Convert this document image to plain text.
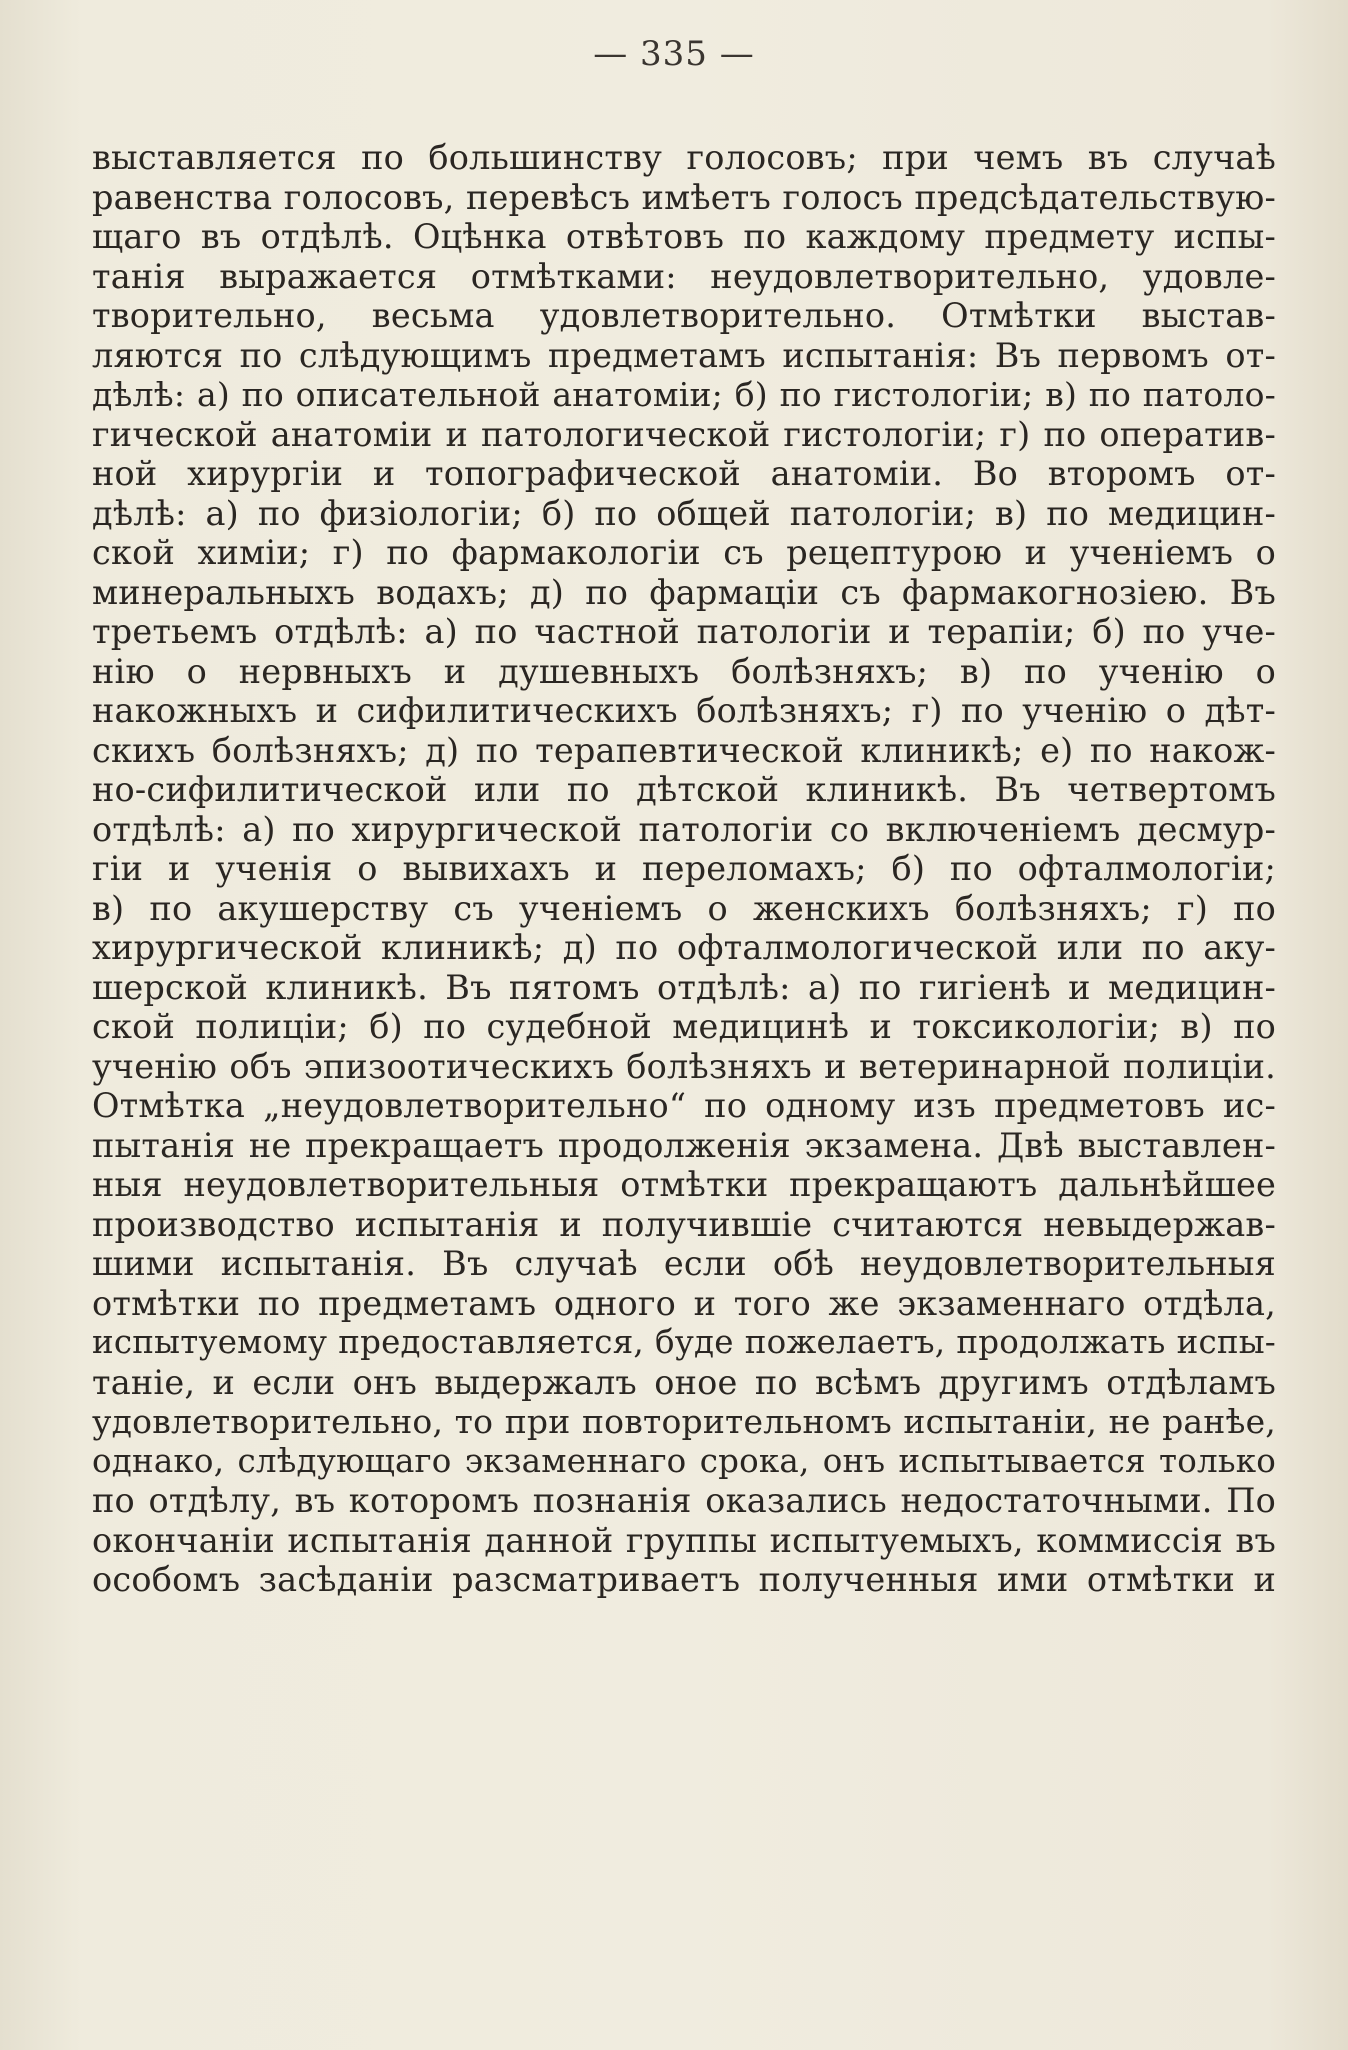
— 335 —
выставляется по большинству голосовъ; при чемъ въ случаѣ
равенства голосовъ, перевѣсъ имѣетъ голосъ предсѣдательствую-
щаго въ отдѣлѣ. Оцѣнка отвѣтовъ по каждому предмету испы-
танія выражается отмѣтками: неудовлетворительно, удовле-
творительно, весьма удовлетворительно. Отмѣтки выстав-
ляются по слѣдующимъ предметамъ испытанія: Въ первомъ от-
дѣлѣ: а) по описательной анатоміи; б) по гистологіи; в) по патоло-
гической анатоміи и патологической гистологіи; г) по оператив-
ной хирургіи и топографической анатоміи. Во второмъ от-
дѣлѣ: а) по физіологіи; б) по общей патологіи; в) по медицин-
ской химіи; г) по фармакологіи съ рецептурою и ученіемъ о
минеральныхъ водахъ; д) по фармаціи съ фармакогнозіею. Въ
третьемъ отдѣлѣ: а) по частной патологіи и терапіи; б) по уче-
нію о нервныхъ и душевныхъ болѣзняхъ; в) по ученію о
накожныхъ и сифилитическихъ болѣзняхъ; г) по ученію о дѣт-
скихъ болѣзняхъ; д) по терапевтической клиникѣ; е) по накож-
но-сифилитической или по дѣтской клиникѣ. Въ четвертомъ
отдѣлѣ: а) по хирургической патологіи со включеніемъ десмур-
гіи и ученія о вывихахъ и переломахъ; б) по офталмологіи;
в) по акушерству съ ученіемъ о женскихъ болѣзняхъ; г) по
хирургической клиникѣ; д) по офталмологической или по аку-
шерской клиникѣ. Въ пятомъ отдѣлѣ: а) по гигіенѣ и медицин-
ской полиціи; б) по судебной медицинѣ и токсикологіи; в) по
ученію объ эпизоотическихъ болѣзняхъ и ветеринарной полиціи.
Отмѣтка „неудовлетворительно“ по одному изъ предметовъ ис-
пытанія не прекращаетъ продолженія экзамена. Двѣ выставлен-
ныя неудовлетворительныя отмѣтки прекращаютъ дальнѣйшее
производство испытанія и получившіе считаются невыдержав-
шими испытанія. Въ случаѣ если обѣ неудовлетворительныя
отмѣтки по предметамъ одного и того же экзаменнаго отдѣла,
испытуемому предоставляется, буде пожелаетъ, продолжать испы-
таніе, и если онъ выдержалъ оное по всѣмъ другимъ отдѣламъ
удовлетворительно, то при повторительномъ испытаніи, не ранѣе,
однако, слѣдующаго экзаменнаго срока, онъ испытывается только
по отдѣлу, въ которомъ познанія оказались недостаточными. По
окончаніи испытанія данной группы испытуемыхъ, коммиссія въ
особомъ засѣданіи разсматриваетъ полученныя ими отмѣтки и
